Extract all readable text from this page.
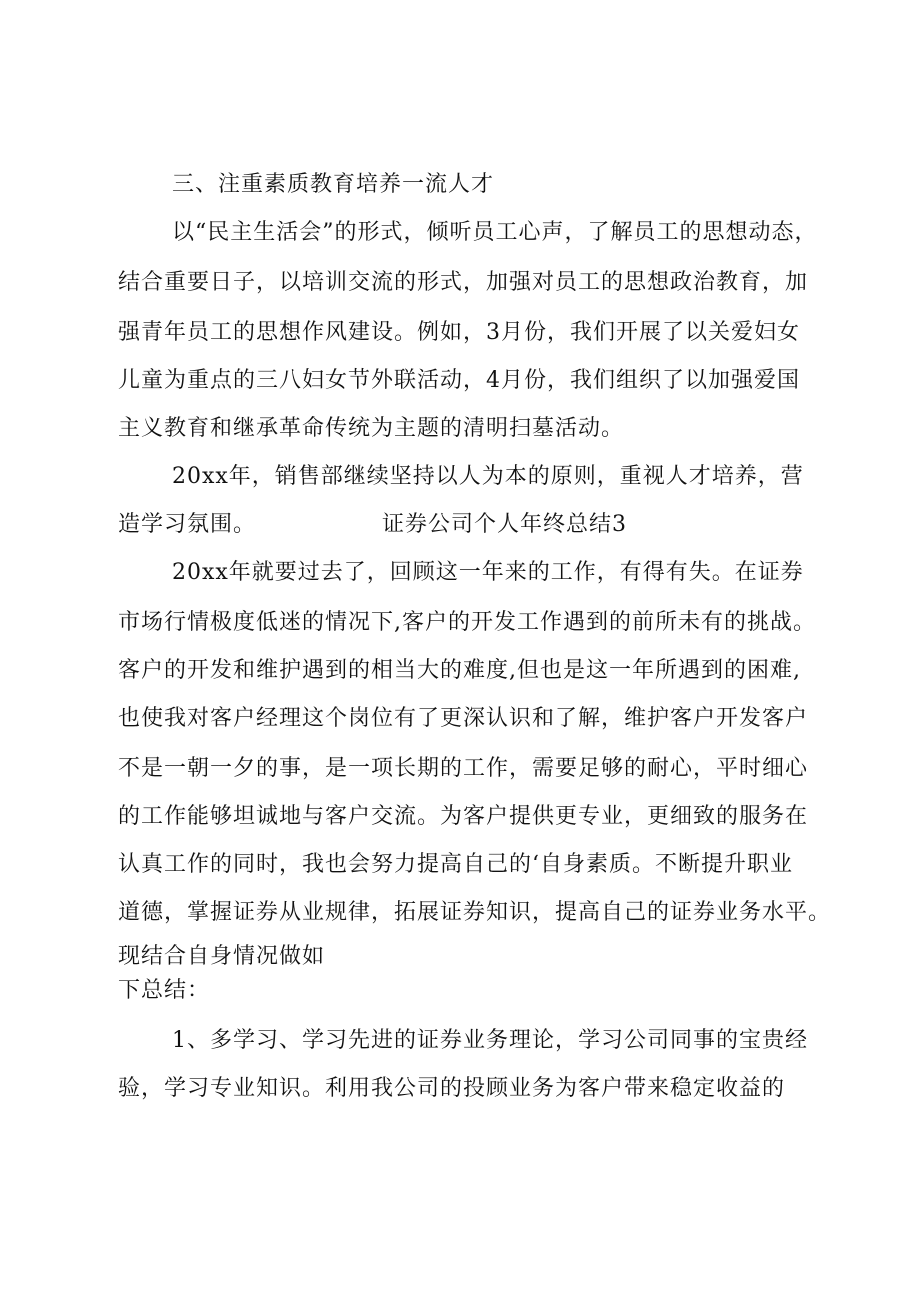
三、注重素质教育培养一流人才
以“民主生活会”的形式，倾听员工心声，了解员工的思想动态，
结合重要日子，以培训交流的形式，加强对员工的思想政治教育，加
强青年员工的思想作风建设。例如，3月份，我们开展了以关爱妇女
儿童为重点的三八妇女节外联活动，4月份，我们组织了以加强爱国
主义教育和继承革命传统为主题的清明扫墓活动。
20xx年，销售部继续坚持以人为本的原则，重视人才培养，营
造学习氛围。	证券公司个人年终总结3
20xx年就要过去了，回顾这一年来的工作，有得有失。在证券
市场行情极度低迷的情况下,客户的开发工作遇到的前所未有的挑战。
客户的开发和维护遇到的相当大的难度,但也是这一年所遇到的困难,
也使我对客户经理这个岗位有了更深认识和了解，维护客户开发客户
不是一朝一夕的事，是一项长期的工作，需要足够的耐心，平时细心
的工作能够坦诚地与客户交流。为客户提供更专业，更细致的服务在
认真工作的同时，我也会努力提高自己的‘自身素质。不断提升职业
道德，掌握证券从业规律，拓展证券知识，提高自己的证券业务水平。
现结合自身情况做如
下总结：
1、多学习、学习先进的证券业务理论，学习公司同事的宝贵经
验，学习专业知识。利用我公司的投顾业务为客户带来稳定收益的
